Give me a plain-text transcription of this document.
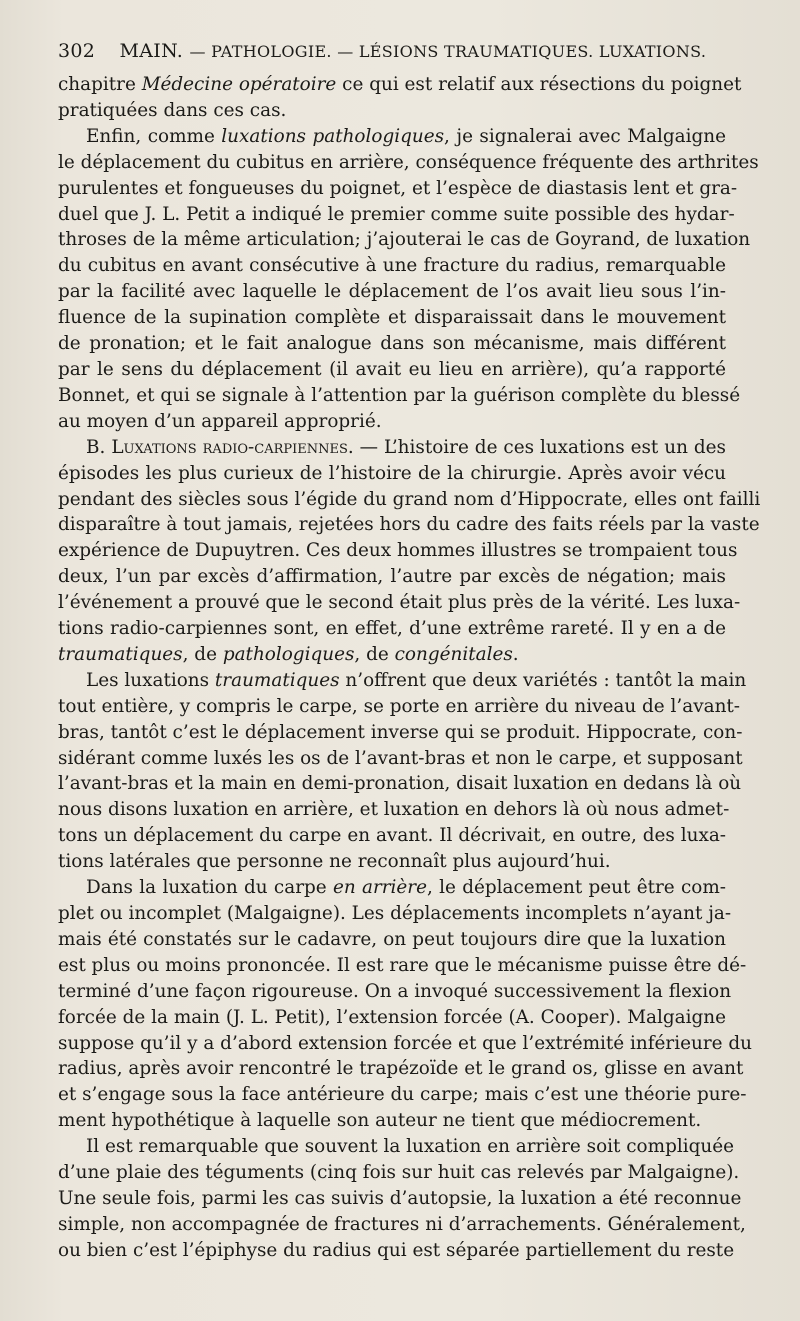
302 MAIN. — PATHOLOGIE. — LÉSIONS TRAUMATIQUES. LUXATIONS.
chapitre Médecine opératoire ce qui est relatif aux résections du poignet
pratiquées dans ces cas.
Enfin, comme luxations pathologiques, je signalerai avec Malgaigne
le déplacement du cubitus en arrière, conséquence fréquente des arthrites
purulentes et fongueuses du poignet, et l’espèce de diastasis lent et gra-
duel que J. L. Petit a indiqué le premier comme suite possible des hydar-
throses de la même articulation; j’ajouterai le cas de Goyrand, de luxation
du cubitus en avant consécutive à une fracture du radius, remarquable
par la facilité avec laquelle le déplacement de l’os avait lieu sous l’in-
fluence de la supination complète et disparaissait dans le mouvement
de pronation; et le fait analogue dans son mécanisme, mais différent
par le sens du déplacement (il avait eu lieu en arrière), qu’a rapporté
Bonnet, et qui se signale à l’attention par la guérison complète du blessé
au moyen d’un appareil approprié.
B. Luxations radio-carpiennes. — L’histoire de ces luxations est un des
épisodes les plus curieux de l’histoire de la chirurgie. Après avoir vécu
pendant des siècles sous l’égide du grand nom d’Hippocrate, elles ont failli
disparaître à tout jamais, rejetées hors du cadre des faits réels par la vaste
expérience de Dupuytren. Ces deux hommes illustres se trompaient tous
deux, l’un par excès d’affirmation, l’autre par excès de négation; mais
l’événement a prouvé que le second était plus près de la vérité. Les luxa-
tions radio-carpiennes sont, en effet, d’une extrême rareté. Il y en a de
traumatiques, de pathologiques, de congénitales.
Les luxations traumatiques n’offrent que deux variétés : tantôt la main
tout entière, y compris le carpe, se porte en arrière du niveau de l’avant-
bras, tantôt c’est le déplacement inverse qui se produit. Hippocrate, con-
sidérant comme luxés les os de l’avant-bras et non le carpe, et supposant
l’avant-bras et la main en demi-pronation, disait luxation en dedans là où
nous disons luxation en arrière, et luxation en dehors là où nous admet-
tons un déplacement du carpe en avant. Il décrivait, en outre, des luxa-
tions latérales que personne ne reconnaît plus aujourd’hui.
Dans la luxation du carpe en arrière, le déplacement peut être com-
plet ou incomplet (Malgaigne). Les déplacements incomplets n’ayant ja-
mais été constatés sur le cadavre, on peut toujours dire que la luxation
est plus ou moins prononcée. Il est rare que le mécanisme puisse être dé-
terminé d’une façon rigoureuse. On a invoqué successivement la flexion
forcée de la main (J. L. Petit), l’extension forcée (A. Cooper). Malgaigne
suppose qu’il y a d’abord extension forcée et que l’extrémité inférieure du
radius, après avoir rencontré le trapézoïde et le grand os, glisse en avant
et s’engage sous la face antérieure du carpe; mais c’est une théorie pure-
ment hypothétique à laquelle son auteur ne tient que médiocrement.
Il est remarquable que souvent la luxation en arrière soit compliquée
d’une plaie des téguments (cinq fois sur huit cas relevés par Malgaigne).
Une seule fois, parmi les cas suivis d’autopsie, la luxation a été reconnue
simple, non accompagnée de fractures ni d’arrachements. Généralement,
ou bien c’est l’épiphyse du radius qui est séparée partiellement du reste
